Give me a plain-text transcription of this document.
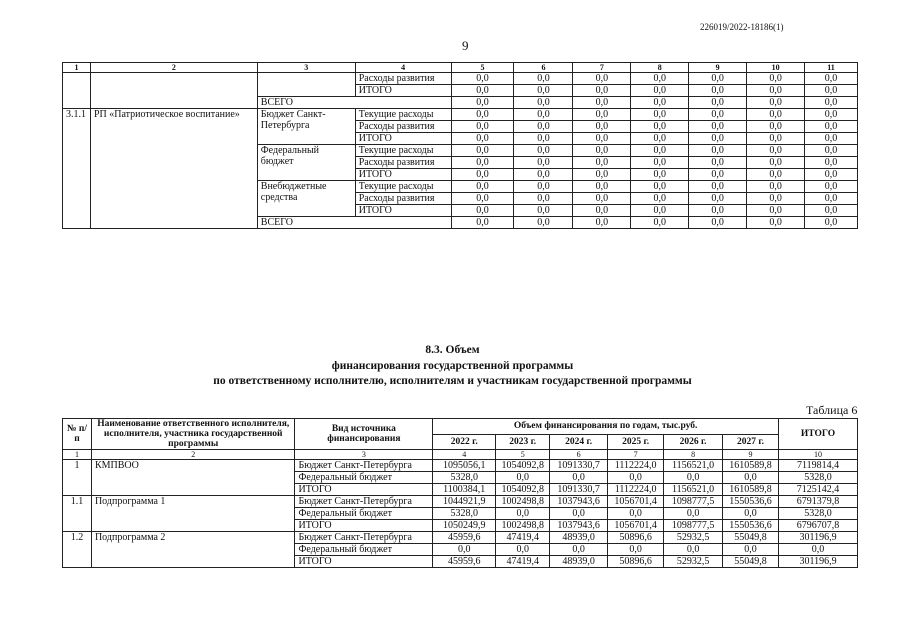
226019/2022-18186(1)
9
1	2	3	4	5	6	7	8	9	10	11
			Расходы развития	0,0	0,0	0,0	0,0	0,0	0,0	0,0
			ИТОГО	0,0	0,0	0,0	0,0	0,0	0,0	0,0
		ВСЕГО		0,0	0,0	0,0	0,0	0,0	0,0	0,0
3.1.1	РП «Патриотическое воспитание»	Бюджет Санкт-Петербурга	Текущие расходы	0,0	0,0	0,0	0,0	0,0	0,0	0,0
			Расходы развития	0,0	0,0	0,0	0,0	0,0	0,0	0,0
			ИТОГО	0,0	0,0	0,0	0,0	0,0	0,0	0,0
		Федеральный бюджет	Текущие расходы	0,0	0,0	0,0	0,0	0,0	0,0	0,0
			Расходы развития	0,0	0,0	0,0	0,0	0,0	0,0	0,0
			ИТОГО	0,0	0,0	0,0	0,0	0,0	0,0	0,0
		Внебюджетные средства	Текущие расходы	0,0	0,0	0,0	0,0	0,0	0,0	0,0
			Расходы развития	0,0	0,0	0,0	0,0	0,0	0,0	0,0
			ИТОГО	0,0	0,0	0,0	0,0	0,0	0,0	0,0
		ВСЕГО		0,0	0,0	0,0	0,0	0,0	0,0	0,0
8.3. Объем
финансирования государственной программы
по ответственному исполнителю, исполнителям и участникам государственной программы
Таблица 6
№ п/п	Наименование ответственного исполнителя, исполнителя, участника государственной программы	Вид источника финансирования	Объем финансирования по годам, тыс.руб.						ИТОГО
			2022 г.	2023 г.	2024 г.	2025 г.	2026 г.	2027 г.	
1	2	3	4	5	6	7	8	9	10
1	КМПВОО	Бюджет Санкт-Петербурга	1095056,1	1054092,8	1091330,7	1112224,0	1156521,0	1610589,8	7119814,4
		Федеральный бюджет	5328,0	0,0	0,0	0,0	0,0	0,0	5328,0
		ИТОГО	1100384,1	1054092,8	1091330,7	1112224,0	1156521,0	1610589,8	7125142,4
1.1	Подпрограмма 1	Бюджет Санкт-Петербурга	1044921,9	1002498,8	1037943,6	1056701,4	1098777,5	1550536,6	6791379,8
		Федеральный бюджет	5328,0	0,0	0,0	0,0	0,0	0,0	5328,0
		ИТОГО	1050249,9	1002498,8	1037943,6	1056701,4	1098777,5	1550536,6	6796707,8
1.2	Подпрограмма 2	Бюджет Санкт-Петербурга	45959,6	47419,4	48939,0	50896,6	52932,5	55049,8	301196,9
		Федеральный бюджет	0,0	0,0	0,0	0,0	0,0	0,0	0,0
		ИТОГО	45959,6	47419,4	48939,0	50896,6	52932,5	55049,8	301196,9
